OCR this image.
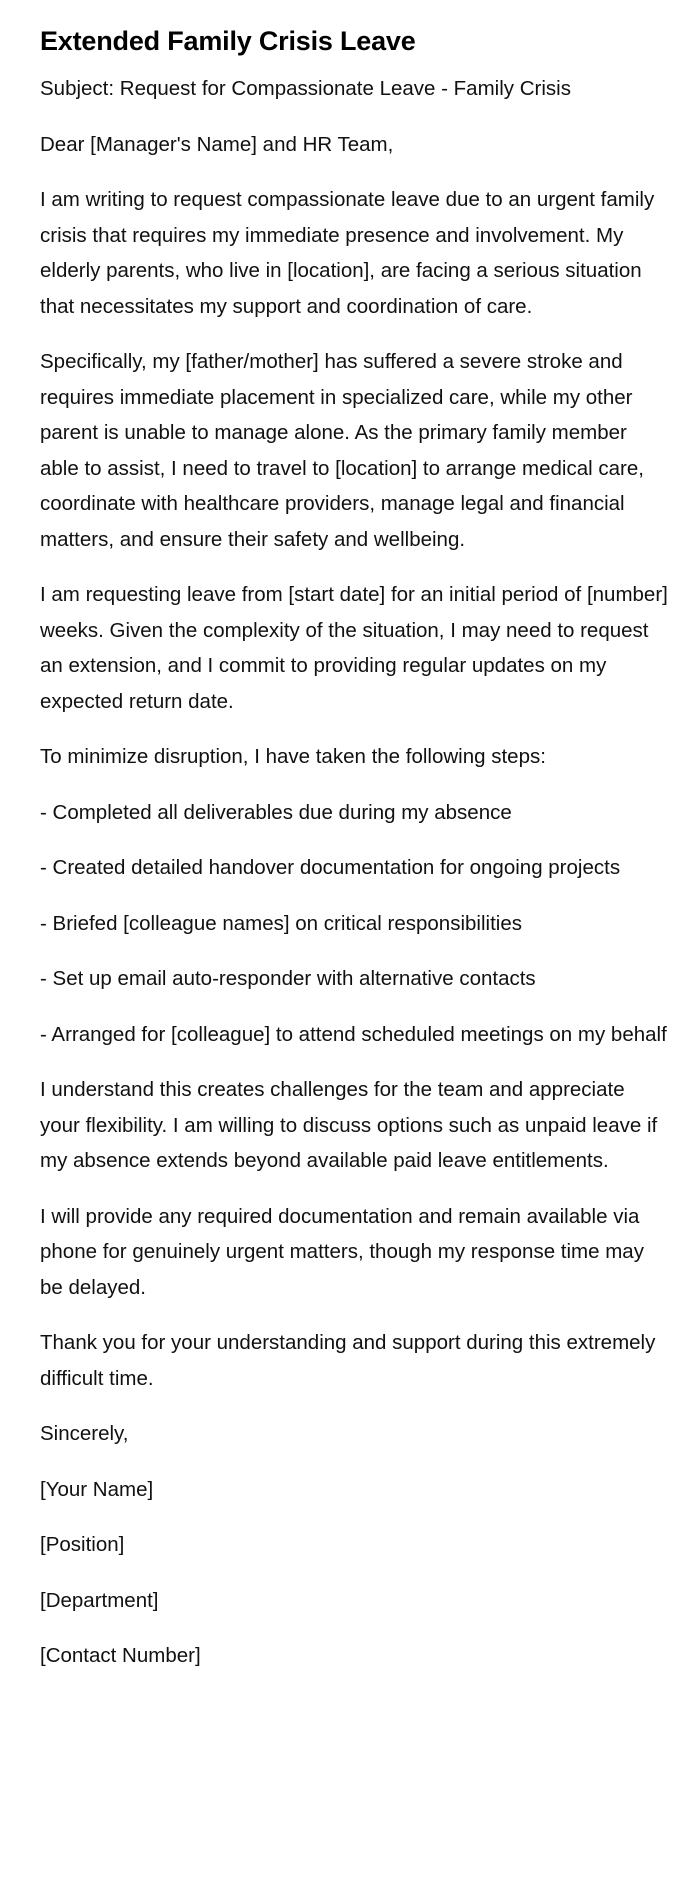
Extended Family Crisis Leave

Subject: Request for Compassionate Leave - Family Crisis

Dear [Manager's Name] and HR Team,

I am writing to request compassionate leave due to an urgent family crisis that requires my immediate presence and involvement. My elderly parents, who live in [location], are facing a serious situation that necessitates my support and coordination of care.

Specifically, my [father/mother] has suffered a severe stroke and requires immediate placement in specialized care, while my other parent is unable to manage alone. As the primary family member able to assist, I need to travel to [location] to arrange medical care, coordinate with healthcare providers, manage legal and financial matters, and ensure their safety and wellbeing.

I am requesting leave from [start date] for an initial period of [number] weeks. Given the complexity of the situation, I may need to request an extension, and I commit to providing regular updates on my expected return date.

To minimize disruption, I have taken the following steps:

- Completed all deliverables due during my absence

- Created detailed handover documentation for ongoing projects

- Briefed [colleague names] on critical responsibilities

- Set up email auto-responder with alternative contacts

- Arranged for [colleague] to attend scheduled meetings on my behalf

I understand this creates challenges for the team and appreciate your flexibility. I am willing to discuss options such as unpaid leave if my absence extends beyond available paid leave entitlements.

I will provide any required documentation and remain available via phone for genuinely urgent matters, though my response time may be delayed.

Thank you for your understanding and support during this extremely difficult time.

Sincerely,

[Your Name]

[Position]

[Department]

[Contact Number]
